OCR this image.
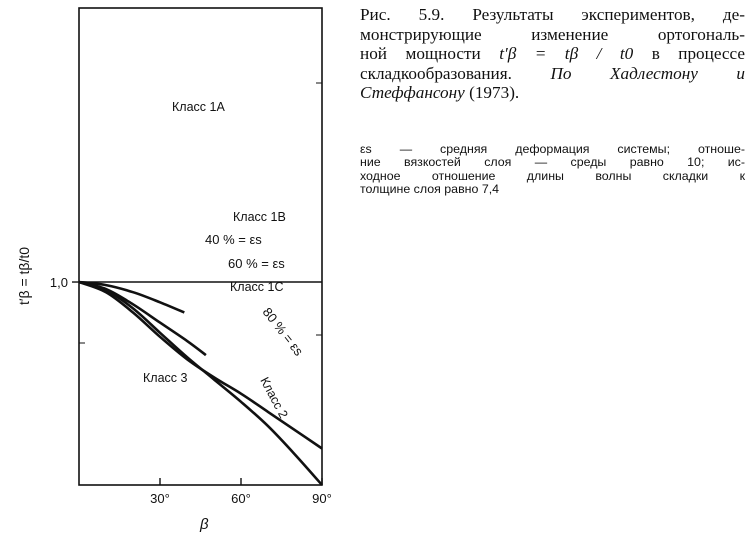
30°	60°	90°
1,0
Класс 1A
Класс 1C
Класс 3
Класс 1B
40 % = εs
60 % = εs
80 % = εs
Класс 2
β
t′β = tβ/t0
Рис. 5.9. Результаты экспериментов, де-
монстрирующие изменение ортогональ-
ной мощности t′β = tβ / t0 в процессе
складкообразования. По Хадлестону и
Стеффансону (1973).
εs — средняя деформация системы; отноше-
ние вязкостей слоя — среды равно 10; ис-
ходное отношение длины волны складки к
толщине слоя равно 7,4
